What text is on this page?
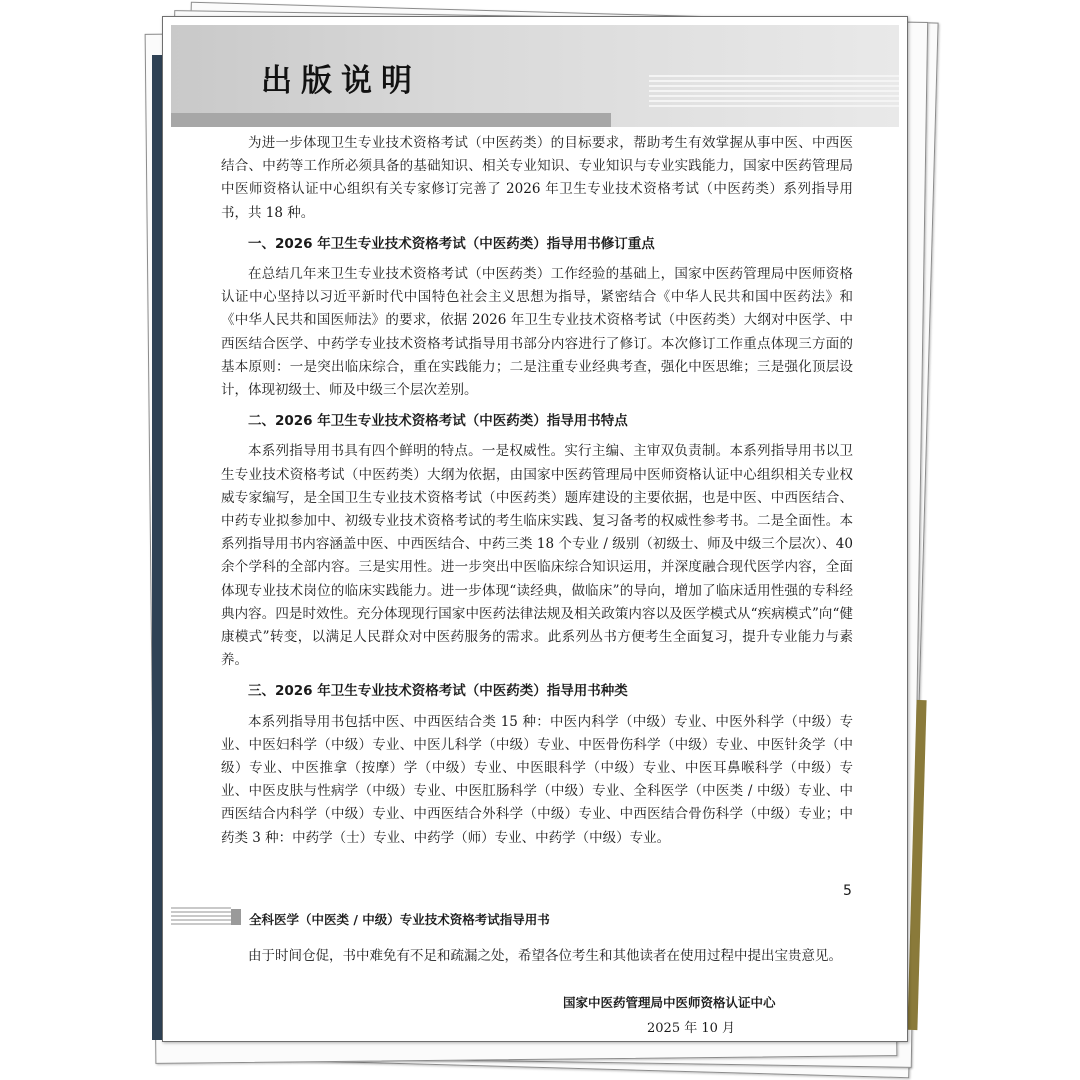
出版说明

为进一步体现卫生专业技术资格考试（中医药类）的目标要求，帮助考生有效掌握从事中医、中西医结合、中药等工作所必须具备的基础知识、相关专业知识、专业知识与专业实践能力，国家中医药管理局中医师资格认证中心组织有关专家修订完善了 2026 年卫生专业技术资格考试（中医药类）系列指导用书，共 18 种。

一、2026 年卫生专业技术资格考试（中医药类）指导用书修订重点

在总结几年来卫生专业技术资格考试（中医药类）工作经验的基础上，国家中医药管理局中医师资格认证中心坚持以习近平新时代中国特色社会主义思想为指导，紧密结合《中华人民共和国中医药法》和《中华人民共和国医师法》的要求，依据 2026 年卫生专业技术资格考试（中医药类）大纲对中医学、中西医结合医学、中药学专业技术资格考试指导用书部分内容进行了修订。本次修订工作重点体现三方面的基本原则：一是突出临床综合，重在实践能力；二是注重专业经典考查，强化中医思维；三是强化顶层设计，体现初级士、师及中级三个层次差别。

二、2026 年卫生专业技术资格考试（中医药类）指导用书特点

本系列指导用书具有四个鲜明的特点。一是权威性。实行主编、主审双负责制。本系列指导用书以卫生专业技术资格考试（中医药类）大纲为依据，由国家中医药管理局中医师资格认证中心组织相关专业权威专家编写，是全国卫生专业技术资格考试（中医药类）题库建设的主要依据，也是中医、中西医结合、中药专业拟参加中、初级专业技术资格考试的考生临床实践、复习备考的权威性参考书。二是全面性。本系列指导用书内容涵盖中医、中西医结合、中药三类 18 个专业 / 级别（初级士、师及中级三个层次）、40 余个学科的全部内容。三是实用性。进一步突出中医临床综合知识运用，并深度融合现代医学内容，全面体现专业技术岗位的临床实践能力。进一步体现“读经典，做临床”的导向，增加了临床适用性强的专科经典内容。四是时效性。充分体现现行国家中医药法律法规及相关政策内容以及医学模式从“疾病模式”向“健康模式”转变，以满足人民群众对中医药服务的需求。此系列丛书方便考生全面复习，提升专业能力与素养。

三、2026 年卫生专业技术资格考试（中医药类）指导用书种类

本系列指导用书包括中医、中西医结合类 15 种：中医内科学（中级）专业、中医外科学（中级）专业、中医妇科学（中级）专业、中医儿科学（中级）专业、中医骨伤科学（中级）专业、中医针灸学（中级）专业、中医推拿（按摩）学（中级）专业、中医眼科学（中级）专业、中医耳鼻喉科学（中级）专业、中医皮肤与性病学（中级）专业、中医肛肠科学（中级）专业、全科医学（中医类 / 中级）专业、中西医结合内科学（中级）专业、中西医结合外科学（中级）专业、中西医结合骨伤科学（中级）专业；中药类 3 种：中药学（士）专业、中药学（师）专业、中药学（中级）专业。

5
全科医学（中医类 / 中级）专业技术资格考试指导用书

由于时间仓促，书中难免有不足和疏漏之处，希望各位考生和其他读者在使用过程中提出宝贵意见。

国家中医药管理局中医师资格认证中心
2025 年 10 月
